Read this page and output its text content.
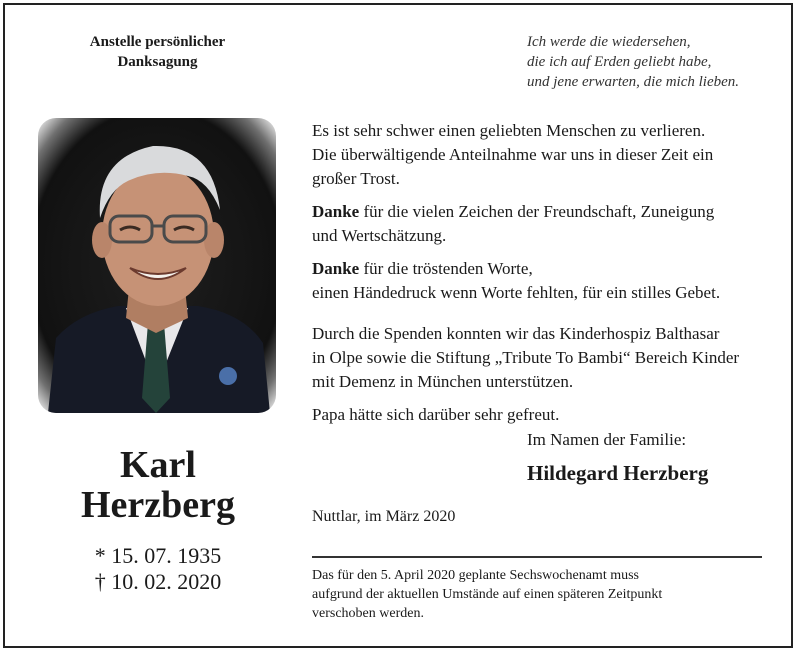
Anstelle persönlicher
Danksagung
Ich werde die wiedersehen,
die ich auf Erden geliebt habe,
und jene erwarten, die mich lieben.
Karl
Herzberg
* 15. 07. 1935
† 10. 02. 2020

Es ist sehr schwer einen geliebten Menschen zu verlieren.
Die überwältigende Anteilnahme war uns in dieser Zeit ein
großer Trost.

Danke für die vielen Zeichen der Freundschaft, Zuneigung
und Wertschätzung.

Danke für die tröstenden Worte,
einen Händedruck wenn Worte fehlten, für ein stilles Gebet.

Durch die Spenden konnten wir das Kinderhospiz Balthasar
in Olpe sowie die Stiftung „Tribute To Bambi“ Bereich Kinder
mit Demenz in München unterstützen.

Papa hätte sich darüber sehr gefreut.

Im Namen der Familie:
Hildegard Herzberg
Nuttlar, im März 2020
Das für den 5. April 2020 geplante Sechswochenamt muss
aufgrund der aktuellen Umstände auf einen späteren Zeitpunkt
verschoben werden.
